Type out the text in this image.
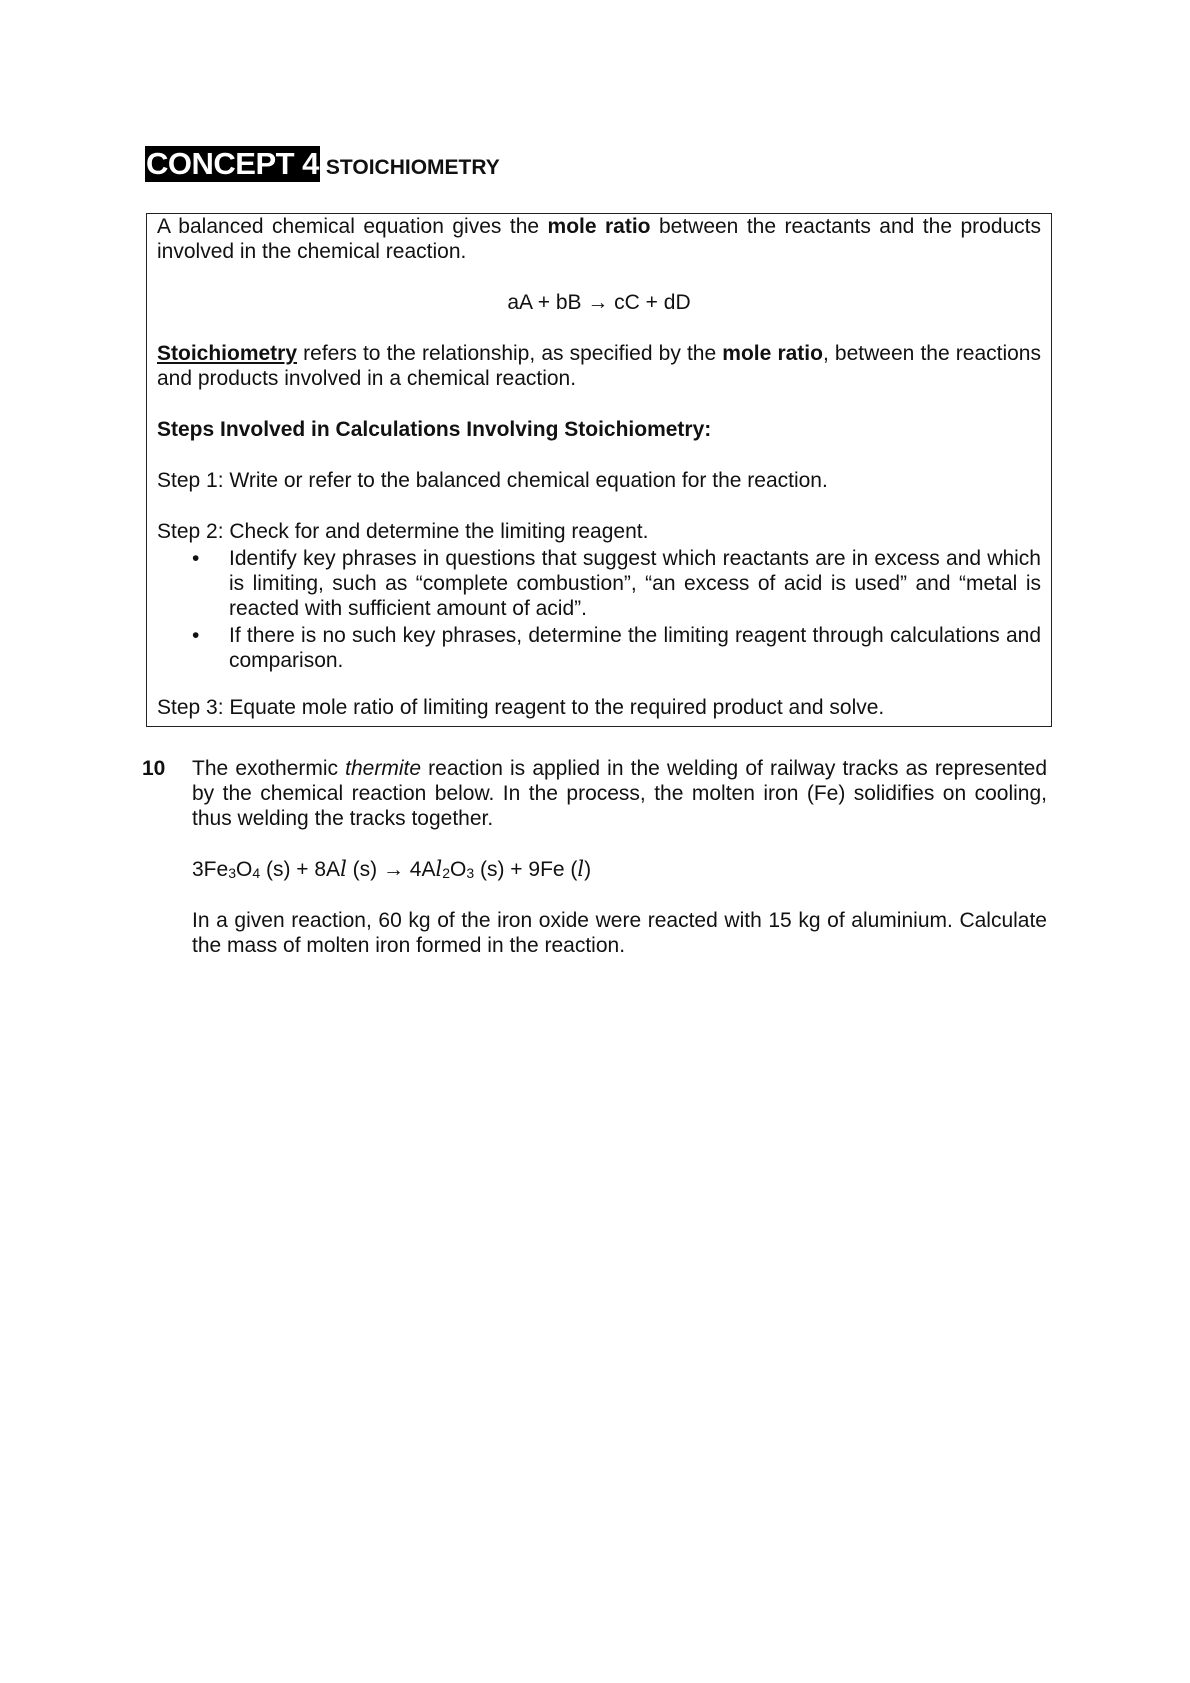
CONCEPT 4 STOICHIOMETRY

A balanced chemical equation gives the mole ratio between the reactants and the products involved in the chemical reaction.

aA + bB → cC + dD

Stoichiometry refers to the relationship, as specified by the mole ratio, between the reactions and products involved in a chemical reaction.

Steps Involved in Calculations Involving Stoichiometry:

Step 1: Write or refer to the balanced chemical equation for the reaction.

Step 2: Check for and determine the limiting reagent.

• Identify key phrases in questions that suggest which reactants are in excess and which is limiting, such as “complete combustion”, “an excess of acid is used” and “metal is reacted with sufficient amount of acid”.
• If there is no such key phrases, determine the limiting reagent through calculations and comparison.

Step 3: Equate mole ratio of limiting reagent to the required product and solve.

10 The exothermic thermite reaction is applied in the welding of railway tracks as represented by the chemical reaction below. In the process, the molten iron (Fe) solidifies on cooling, thus welding the tracks together.

$3Fe_3O_4$ (s) + 8Al $(s) \to 4Al_2O_3$ (s) + 9Fe (l)

In a given reaction, 60 kg of the iron oxide were reacted with 15 kg of aluminium. Calculate the mass of molten iron formed in the reaction.
